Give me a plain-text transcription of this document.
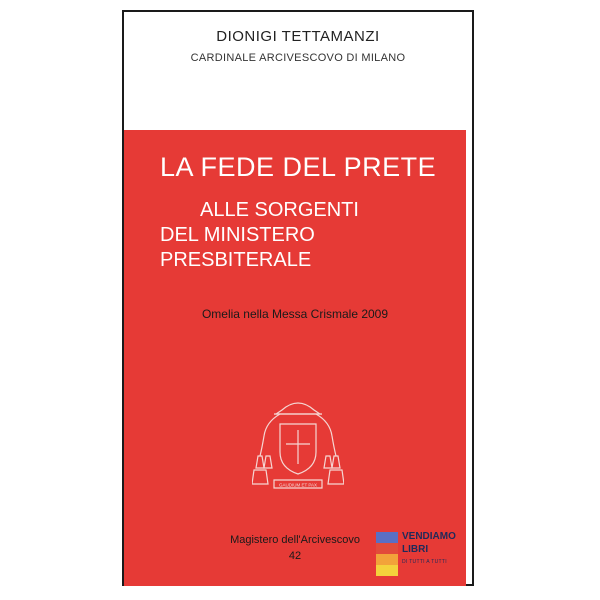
DIONIGI TETTAMANZI
CARDINALE ARCIVESCOVO DI MILANO
LA FEDE DEL PRETE
ALLE SORGENTI
DEL MINISTERO PRESBITERALE
Omelia nella Messa Crismale 2009
GAUDIUM ET PAX
Magistero dell'Arcivescovo
42
VENDIAMO
LIBRI
DI TUTTI A TUTTI
